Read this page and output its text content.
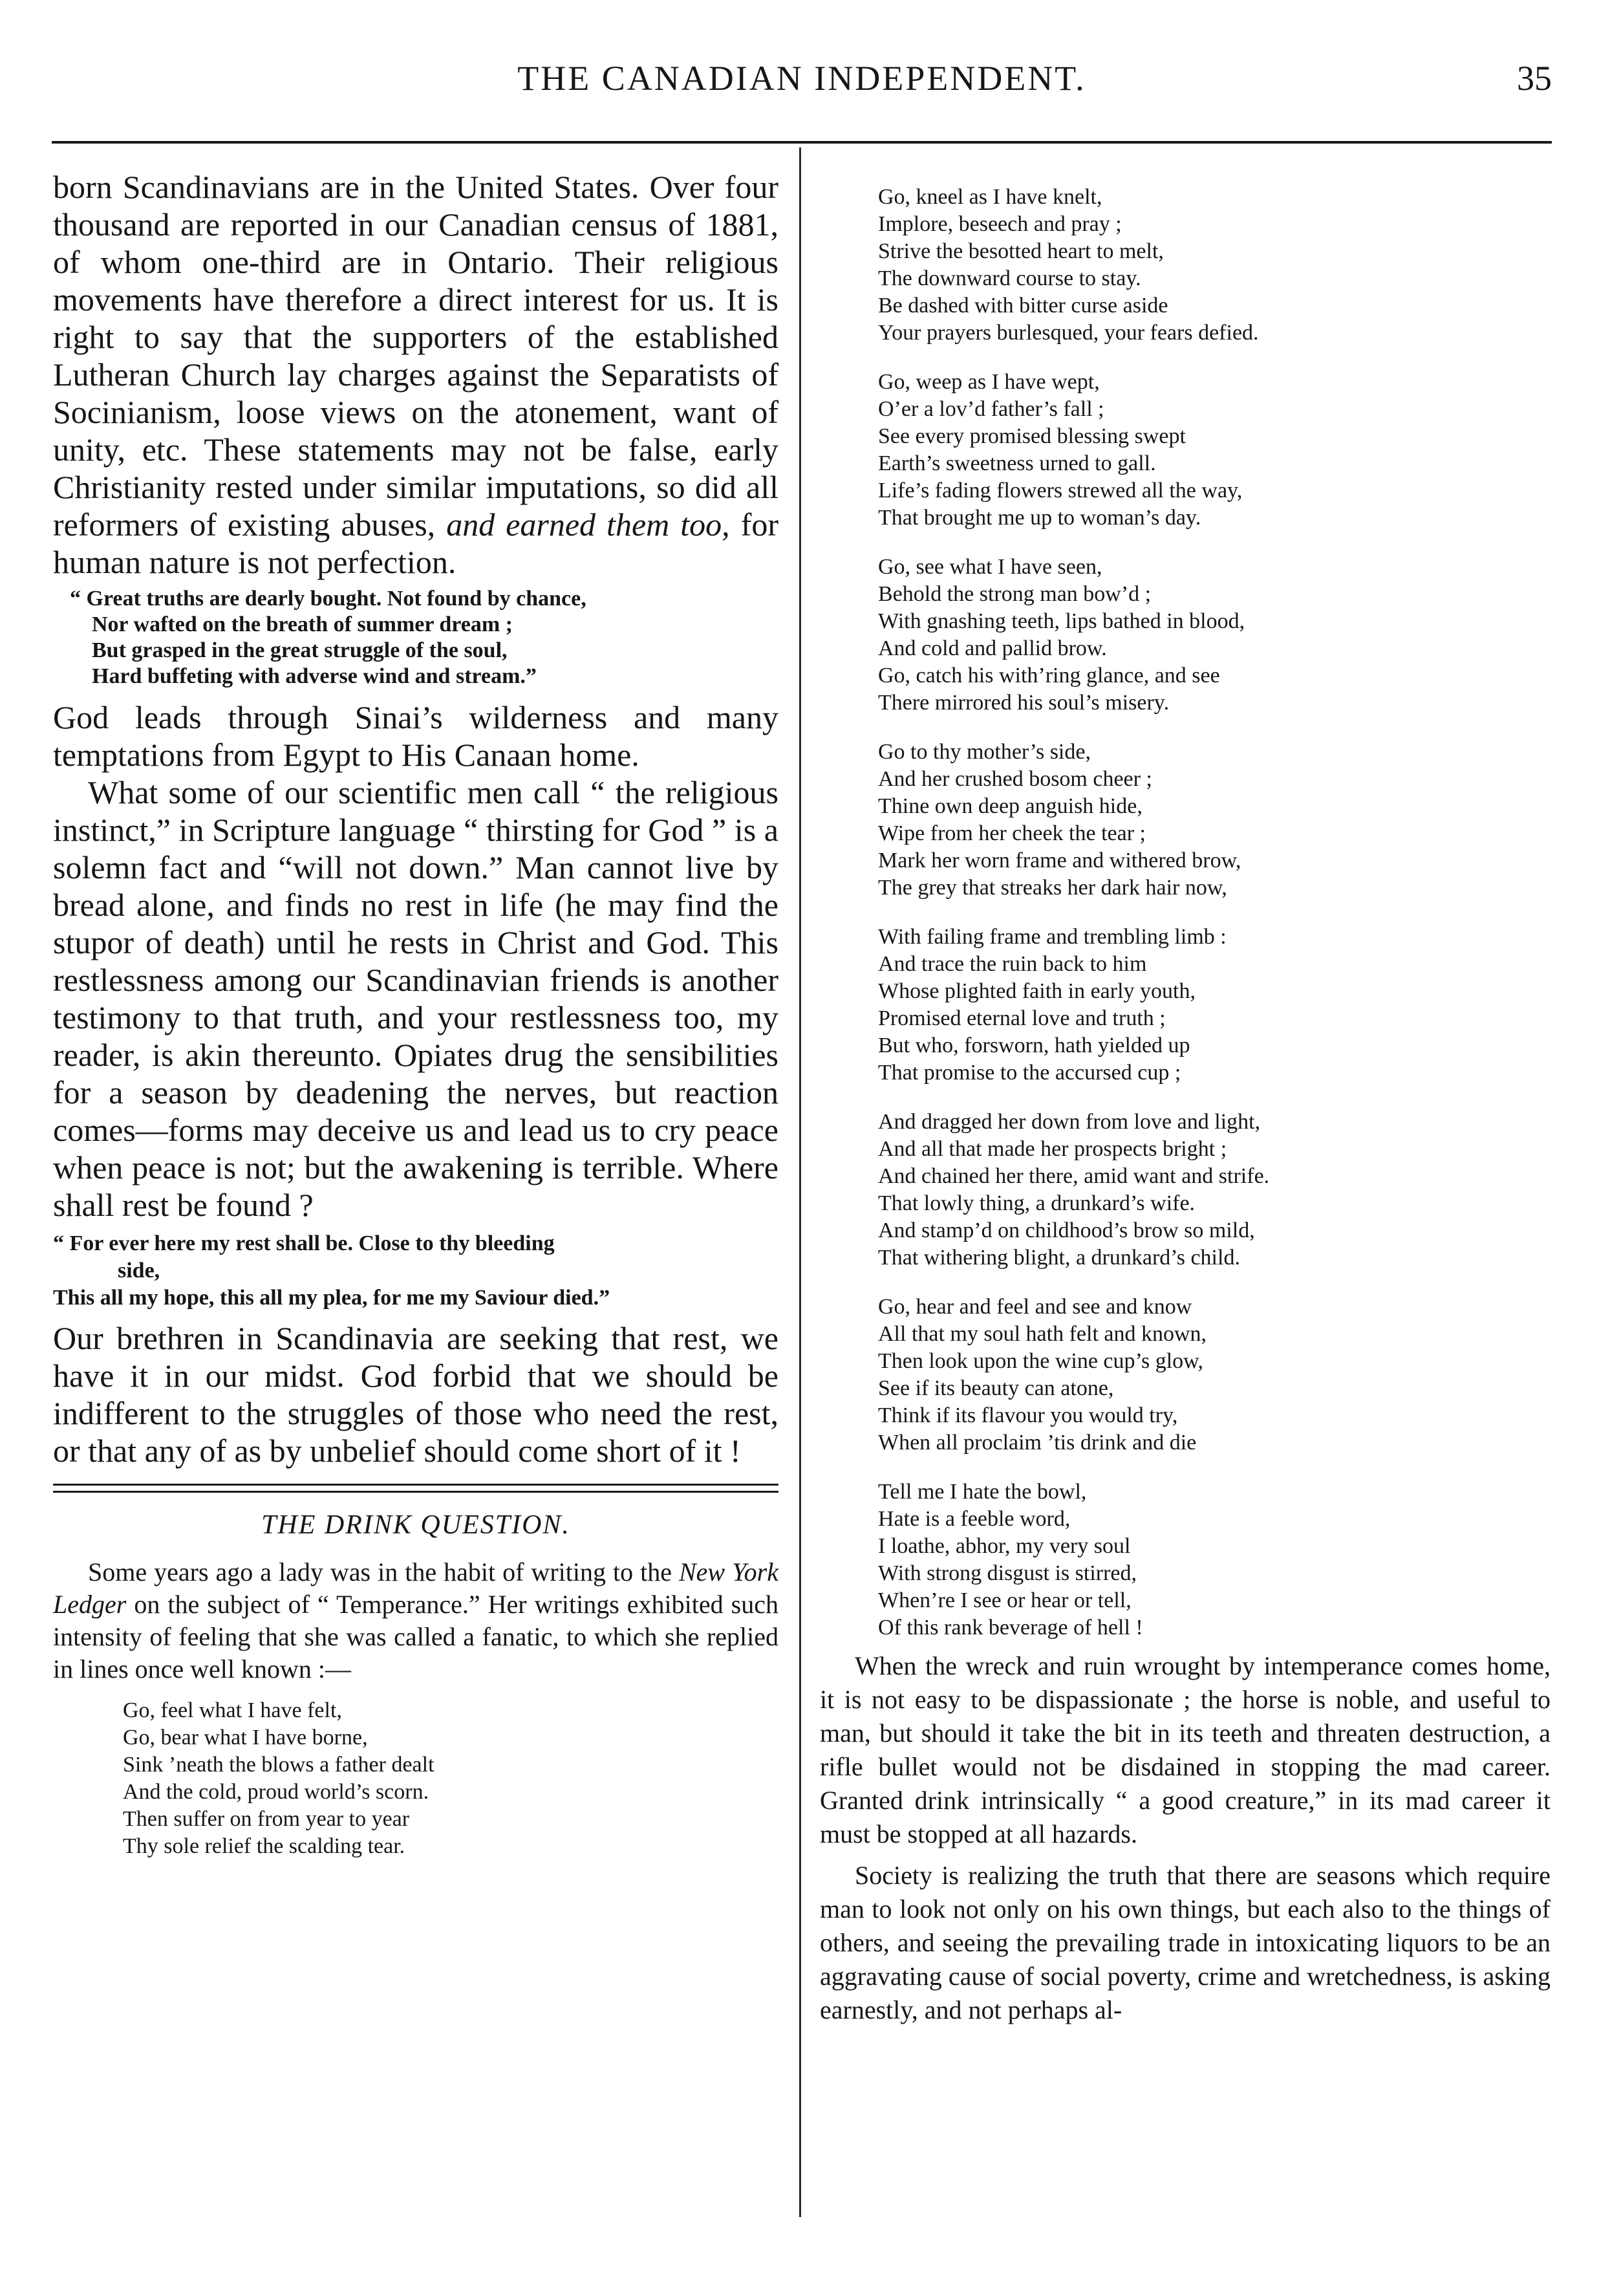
THE CANADIAN INDEPENDENT.	35

born Scandinavians are in the United States. Over four thousand are reported in our Canadian census of 1881, of whom one-third are in Ontario. Their religious movements have therefore a direct interest for us. It is right to say that the supporters of the established Lutheran Church lay charges against the Separatists of Socinianism, loose views on the atonement, want of unity, etc. These statements may not be false, early Christianity rested under similar imputations, so did all reformers of existing abuses, and earned them too, for human nature is not perfection.

“ Great truths are dearly bought. Not found by chance,
Nor wafted on the breath of summer dream ;
But grasped in the great struggle of the soul,
Hard buffeting with adverse wind and stream.”

God leads through Sinai’s wilderness and many temptations from Egypt to His Canaan home.

What some of our scientific men call “ the religious instinct,” in Scripture language “ thirsting for God ” is a solemn fact and “will not down.” Man cannot live by bread alone, and finds no rest in life (he may find the stupor of death) until he rests in Christ and God. This restlessness among our Scandinavian friends is another testimony to that truth, and your restlessness too, my reader, is akin thereunto. Opiates drug the sensibilities for a season by deadening the nerves, but reaction comes—forms may deceive us and lead us to cry peace when peace is not; but the awakening is terrible. Where shall rest be found ?

“ For ever here my rest shall be. Close to thy bleeding
side,
This all my hope, this all my plea, for me my Saviour died.”

Our brethren in Scandinavia are seeking that rest, we have it in our midst. God forbid that we should be indifferent to the struggles of those who need the rest, or that any of as by unbelief should come short of it !

THE DRINK QUESTION.

Some years ago a lady was in the habit of writing to the New York Ledger on the subject of “ Temperance.” Her writings exhibited such intensity of feeling that she was called a fanatic, to which she replied in lines once well known :—

Go, feel what I have felt,
Go, bear what I have borne,
Sink ’neath the blows a father dealt
And the cold, proud world’s scorn.
Then suffer on from year to year
Thy sole relief the scalding tear.
Go, kneel as I have knelt,
Implore, beseech and pray ;
Strive the besotted heart to melt,
The downward course to stay.
Be dashed with bitter curse aside
Your prayers burlesqued, your fears defied.
Go, weep as I have wept,
O’er a lov’d father’s fall ;
See every promised blessing swept
Earth’s sweetness urned to gall.
Life’s fading flowers strewed all the way,
That brought me up to woman’s day.
Go, see what I have seen,
Behold the strong man bow’d ;
With gnashing teeth, lips bathed in blood,
And cold and pallid brow.
Go, catch his with’ring glance, and see
There mirrored his soul’s misery.
Go to thy mother’s side,
And her crushed bosom cheer ;
Thine own deep anguish hide,
Wipe from her cheek the tear ;
Mark her worn frame and withered brow,
The grey that streaks her dark hair now,
With failing frame and trembling limb :
And trace the ruin back to him
Whose plighted faith in early youth,
Promised eternal love and truth ;
But who, forsworn, hath yielded up
That promise to the accursed cup ;
And dragged her down from love and light,
And all that made her prospects bright ;
And chained her there, amid want and strife.
That lowly thing, a drunkard’s wife.
And stamp’d on childhood’s brow so mild,
That withering blight, a drunkard’s child.
Go, hear and feel and see and know
All that my soul hath felt and known,
Then look upon the wine cup’s glow,
See if its beauty can atone,
Think if its flavour you would try,
When all proclaim ’tis drink and die
Tell me I hate the bowl,
Hate is a feeble word,
I loathe, abhor, my very soul
With strong disgust is stirred,
When’re I see or hear or tell,
Of this rank beverage of hell !

When the wreck and ruin wrought by intemperance comes home, it is not easy to be dispassionate ; the horse is noble, and useful to man, but should it take the bit in its teeth and threaten destruction, a rifle bullet would not be disdained in stopping the mad career. Granted drink intrinsically “ a good creature,” in its mad career it must be stopped at all hazards.

Society is realizing the truth that there are seasons which require man to look not only on his own things, but each also to the things of others, and seeing the prevailing trade in intoxicating liquors to be an aggravating cause of social poverty, crime and wretchedness, is asking earnestly, and not perhaps al-
